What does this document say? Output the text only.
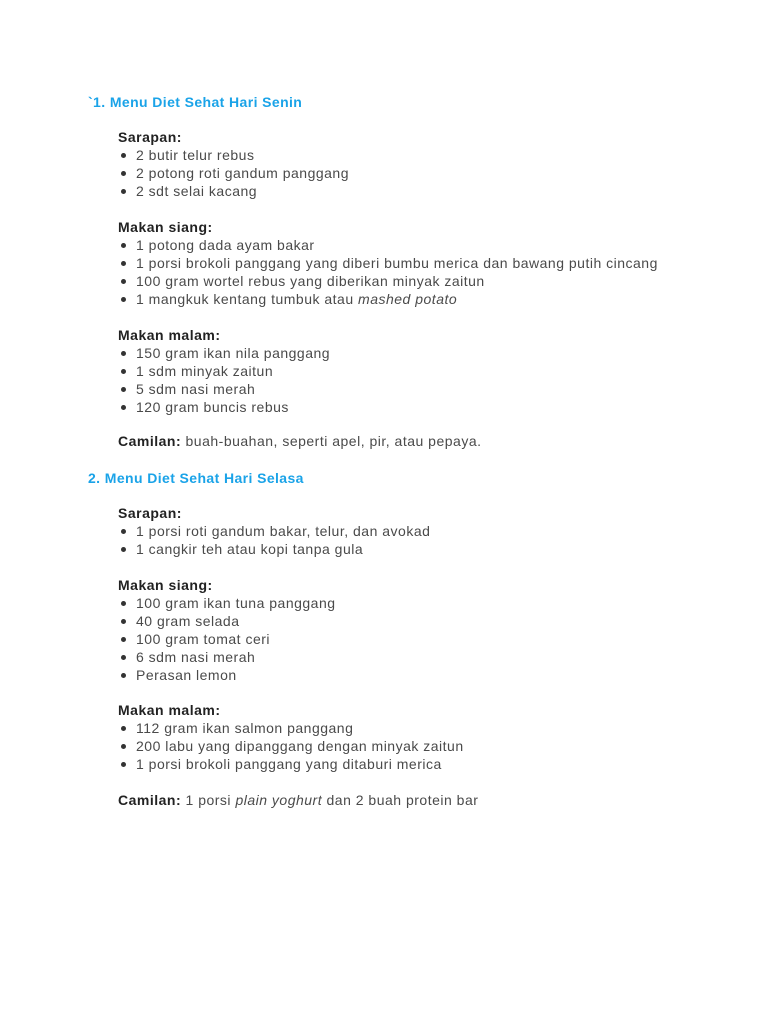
`1. Menu Diet Sehat Hari Senin
Sarapan:
2 butir telur rebus
2 potong roti gandum panggang
2 sdt selai kacang
Makan siang:
1 potong dada ayam bakar
1 porsi brokoli panggang yang diberi bumbu merica dan bawang putih cincang
100 gram wortel rebus yang diberikan minyak zaitun
1 mangkuk kentang tumbuk atau mashed potato
Makan malam:
150 gram ikan nila panggang
1 sdm minyak zaitun
5 sdm nasi merah
120 gram buncis rebus
Camilan: buah-buahan, seperti apel, pir, atau pepaya.
2. Menu Diet Sehat Hari Selasa
Sarapan:
1 porsi roti gandum bakar, telur, dan avokad
1 cangkir teh atau kopi tanpa gula
Makan siang:
100 gram ikan tuna panggang
40 gram selada
100 gram tomat ceri
6 sdm nasi merah
Perasan lemon
Makan malam:
112 gram ikan salmon panggang
200 labu yang dipanggang dengan minyak zaitun
1 porsi brokoli panggang yang ditaburi merica
Camilan: 1 porsi plain yoghurt dan 2 buah protein bar
